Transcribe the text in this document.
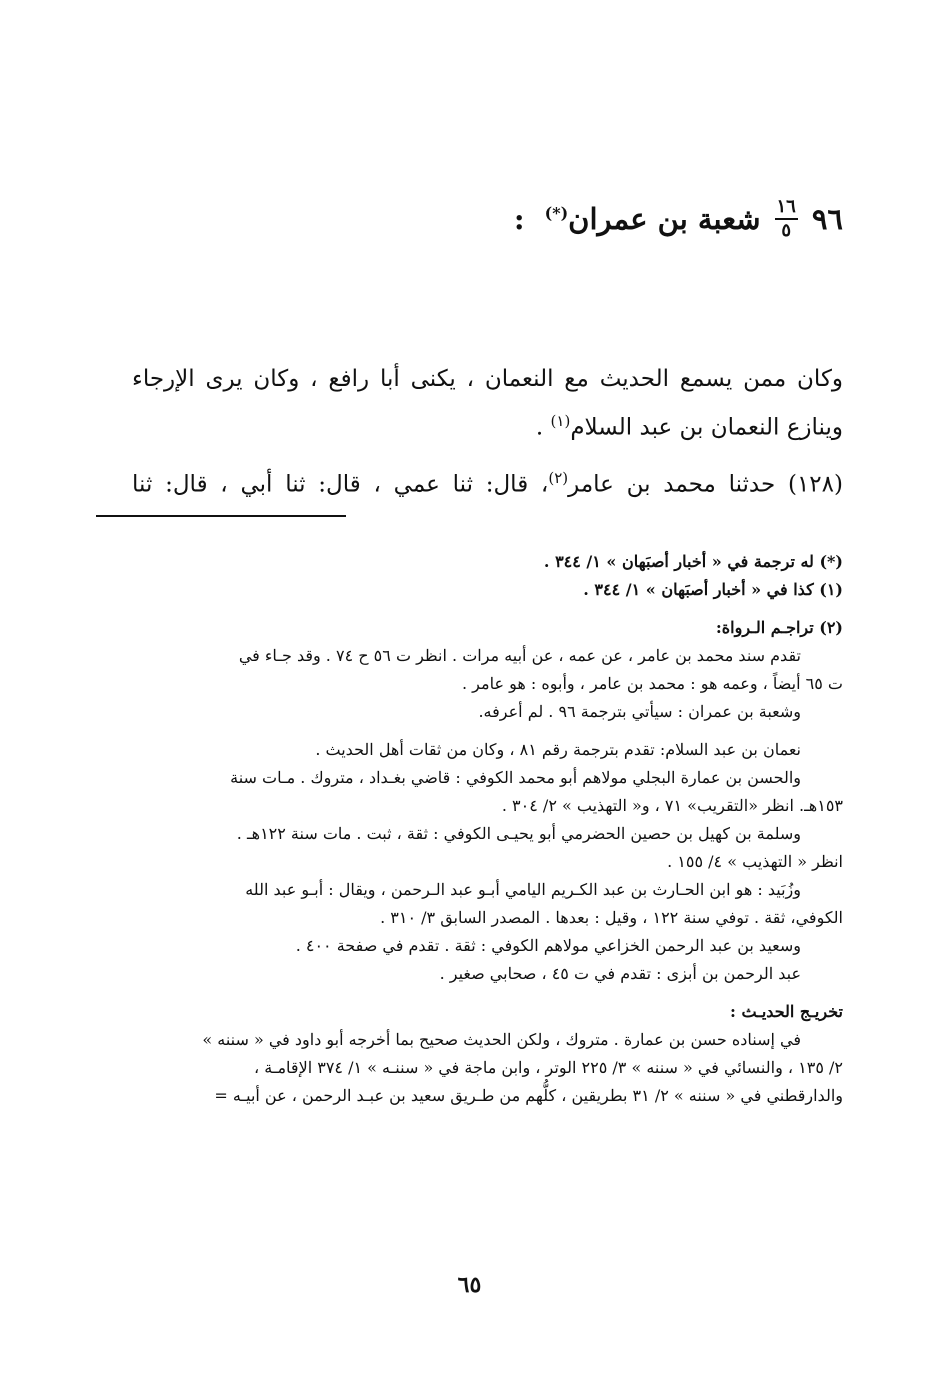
٩٦
$\frac{١٦}{٥}$
شعبة بن عمران(*)
:

وكان ممن يسمع الحديث مع النعمان ، يكنى أبا رافع ، وكان يرى الإرجاء وينازع النعمان بن عبد السلام$^{(١)}$ .

(١٢٨) حدثنا محمد بن عامر$^{(٢)}$، قال: ثنا عمي ، قال: ثنا أبي ، قال: ثنا

(*) له ترجمة في « أخبار أصبَهان » ١/ ٣٤٤ .

(١) كذا في « أخبار أصبَهان » ١/ ٣٤٤ .

(٢) تراجـم الـرواة:

تقدم سند محمد بن عامر ، عن عمه ، عن أبيه مرات . انظر ت ٥٦ ح ٧٤ . وقد جـاء في

ت ٦٥ أيضاً ، وعمه هو : محمد بن عامر ، وأبوه : هو عامر .

وشعبة بن عمران : سيأتي بترجمة ٩٦ . لم أعرفه.

نعمان بن عبد السلام: تقدم بترجمة رقم ٨١ ، وكان من ثقات أهل الحديث .

والحسن بن عمارة البجلي مولاهم أبو محمد الكوفي : قاضي بغـداد ، متروك . مـات سنة

١٥٣هـ. انظر «التقريب» ٧١ ، و« التهذيب » ٢/ ٣٠٤ .

وسلمة بن كهيل بن حصين الحضرمي أبو يحيـى الكوفي : ثقة ، ثبت . مات سنة ١٢٢هـ .

انظر « التهذيب » ٤/ ١٥٥ .

وزُبَيد : هو ابن الحـارث بن عبد الكـريم اليامي أبـو عبد الـرحمن ، ويقال : أبـو عبد الله

الكوفي، ثقة . توفي سنة ١٢٢ ، وقيل : بعدها . المصدر السابق ٣/ ٣١٠ .

وسعيد بن عبد الرحمن الخزاعي مولاهم الكوفي : ثقة . تقدم في صفحة ٤٠٠ .

عبد الرحمن بن أبزى : تقدم في ت ٤٥ ، صحابي صغير .

تخريـج الحديـث :

في إسناده حسن بن عمارة . متروك ، ولكن الحديث صحيح بما أخرجه أبو داود في « سننه »

٢/ ١٣٥ ، والنسائي في « سننه » ٣/ ٢٢٥ الوتر ، وابن ماجة في « سننـه » ١/ ٣٧٤ الإقامـة ،

والدارقطني في « سننه » ٢/ ٣١ بطريقين ، كلُّهم من طـريق سعيد بن عبـد الرحمن ، عن أبيـه =

٦٥
